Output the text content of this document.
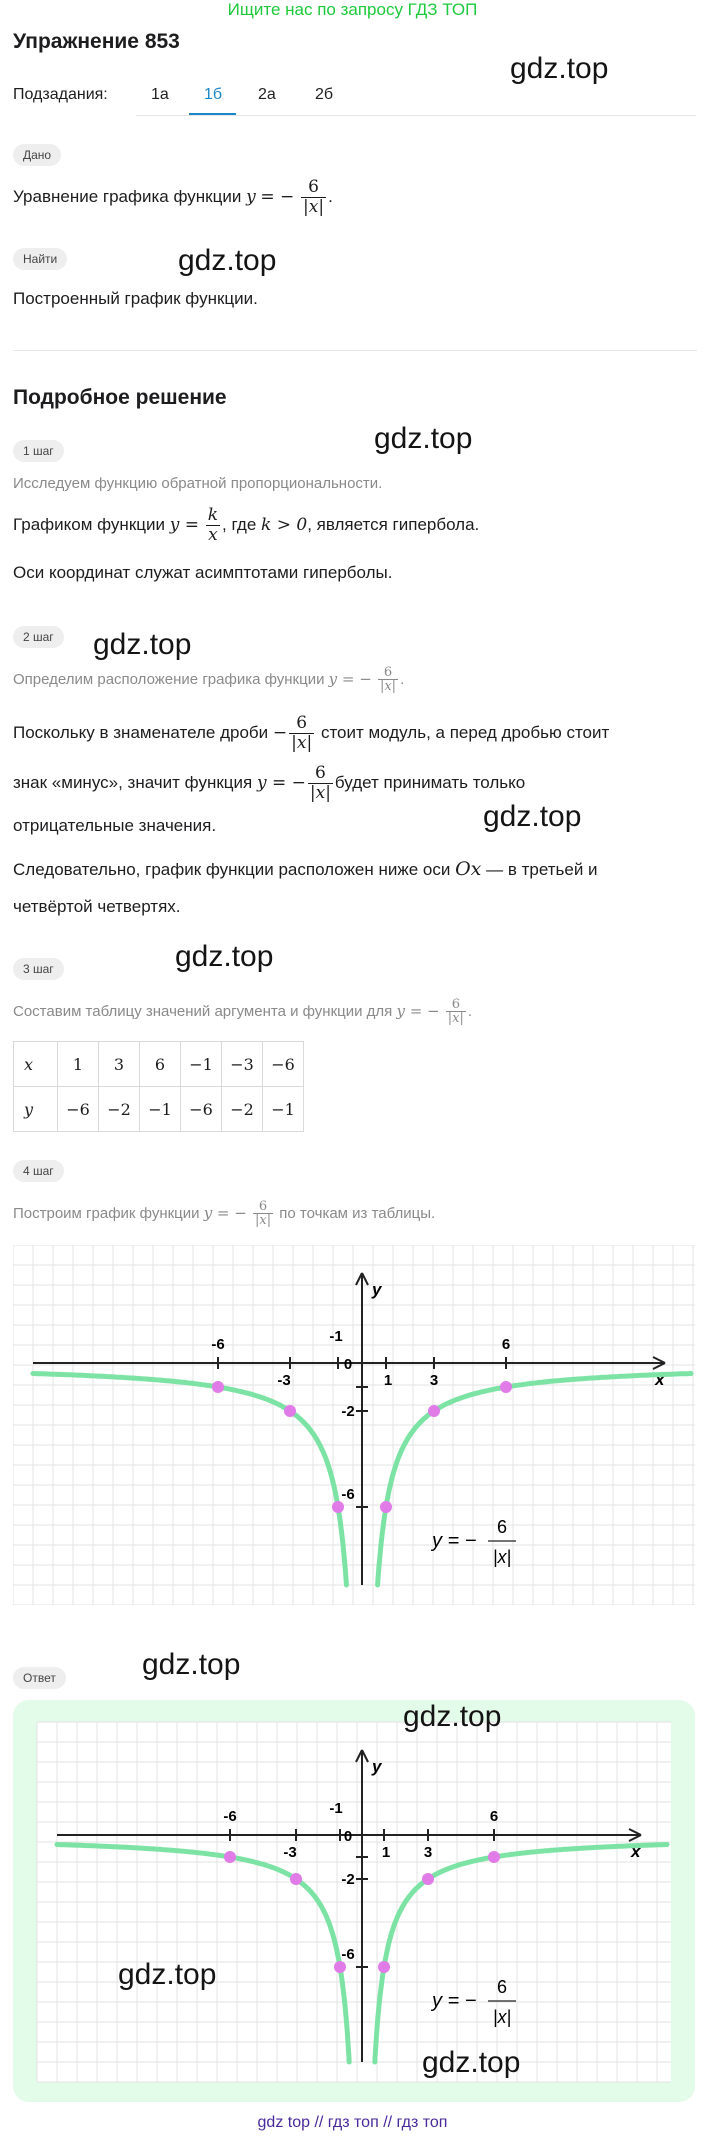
Ищите нас по запросу ГДЗ ТОП
Упражнение 853
Подзадания:	1а 1б 2а 2б
gdz.top
Дано
Уравнение графика функции y = − $\frac{6}{|x|}$ .
Найти	gdz.top
Построенный график функции.
Подробное решение
1 шаг	gdz.top
Исследуем функцию обратной пропорциональности.
Графиком функции $y = \frac{k}{x}$ , где k > 0, является гипербола.
Оси координат служат асимптотами гиперболы.
2 шаг	gdz.top
Определим расположение графика функции y = − $\frac{6}{|x|}$ .
Поскольку в знаменателе дроби − $\frac{6}{|x|}$ стоит модуль, а перед дробью стоит
знак «минус», значит функция y = − $\frac{6}{|x|}$ будет принимать только
отрицательные значения.	gdz.top
Следовательно, график функции расположен ниже оси Ox — в третьей и
четвёртой четвертях.
3 шаг	gdz.top
Составим таблицу значений аргумента и функции для y = − $\frac{6}{|x|}$ .
x	1	3	6	−1	−3	−6
y	−6	−2	−1	−6	−2	−1
4 шаг
Построим график функции y = − $\frac{6}{|x|}$ по точкам из таблицы.
x
y
-6	6
-3	3
1
-1
-2
-6
0
y = −
6
|x|
Ответ	gdz.top
x
y
-6	6
-3	3
1
-1
-2
-6
0
y = −
6
|x|
gdz.top
gdz.top
gdz.top
gdz top // гдз топ // гдз топ
